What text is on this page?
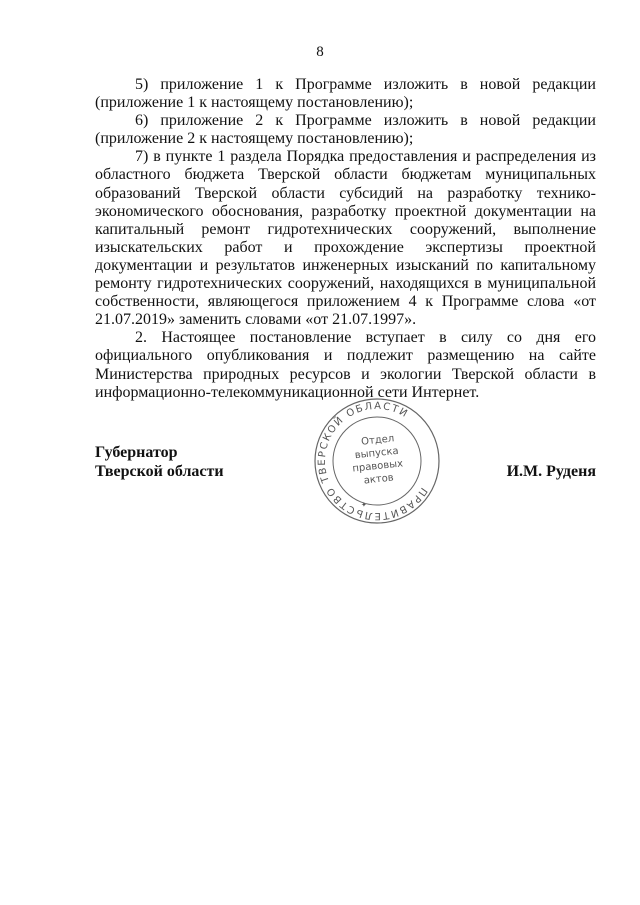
8

5) приложение 1 к Программе изложить в новой редакции (приложение 1 к настоящему постановлению);

6) приложение 2 к Программе изложить в новой редакции (приложение 2 к настоящему постановлению);

7) в пункте 1 раздела Порядка предоставления и распределения из областного бюджета Тверской области бюджетам муниципальных образований Тверской области субсидий на разработку технико-экономического обоснования, разработку проектной документации на капитальный ремонт гидротехнических сооружений, выполнение изыскательских работ и прохождение экспертизы проектной документации и результатов инженерных изысканий по капитальному ремонту гидротехнических сооружений, находящихся в муниципальной собственности, являющегося приложением 4 к Программе слова «от 21.07.2019» заменить словами «от 21.07.1997».

2. Настоящее постановление вступает в силу со дня его официального опубликования и подлежит размещению на сайте Министерства природных ресурсов и экологии Тверской области в информационно-телекоммуникационной сети Интернет.

Губернатор
Тверской области	И.М. Руденя
ПРАВИТЕЛЬСТВО ТВЕРСКОЙ ОБЛАСТИ
Отдел
выпуска
правовых
актов
✦
